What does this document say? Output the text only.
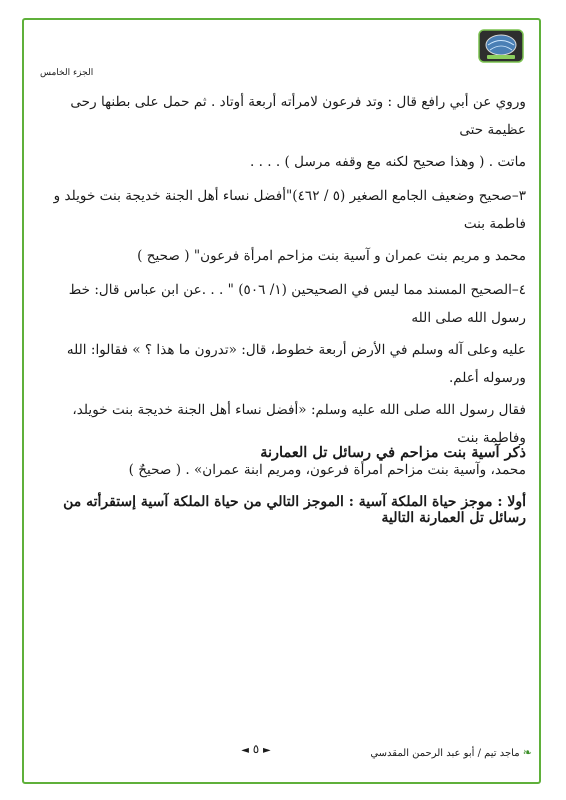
الجزء الخامس

وروي عن أبي رافع قال : وتد فرعون لامرأته أربعة أوتاد . ثم حمل على بطنها رحى عظيمة حتى

ماتت . ( وهذا صحيح لكنه مع وقفه مرسل ) . . . .

٣–صحيح وضعيف الجامع الصغير (٥ / ٤٦٢)"أفضل نساء أهل الجنة خديجة بنت خويلد و فاطمة بنت

محمد و مريم بنت عمران و آسية بنت مزاحم امرأة فرعون" ( صحيح )

٤–الصحيح المسند مما ليس في الصحيحين (١/ ٥٠٦) " . . .عن ابن عباس قال: خط رسول الله صلى الله

عليه وعلى آله وسلم في الأرض أربعة خطوط، قال: «تدرون ما هذا ؟ » فقالوا: الله ورسوله أعلم.

فقال رسول الله صلى الله عليه وسلم: «أفضل نساء أهل الجنة خديجة بنت خويلد، وفاطمة بنت

محمد، وآسية بنت مزاحم امرأة فرعون، ومريم ابنة عمران» . ( صحيحٌ )

ذكر آسية بنت مزاحم في رسائل تل العمارنة
أولا : موجز حياة الملكة آسية : الموجز التالي من حياة الملكة آسية إستقرأته من رسائل تل العمارنة التالية
❧ ماجد تيم / أبو عبد الرحمن المقدسي
◄ ٥ ►
